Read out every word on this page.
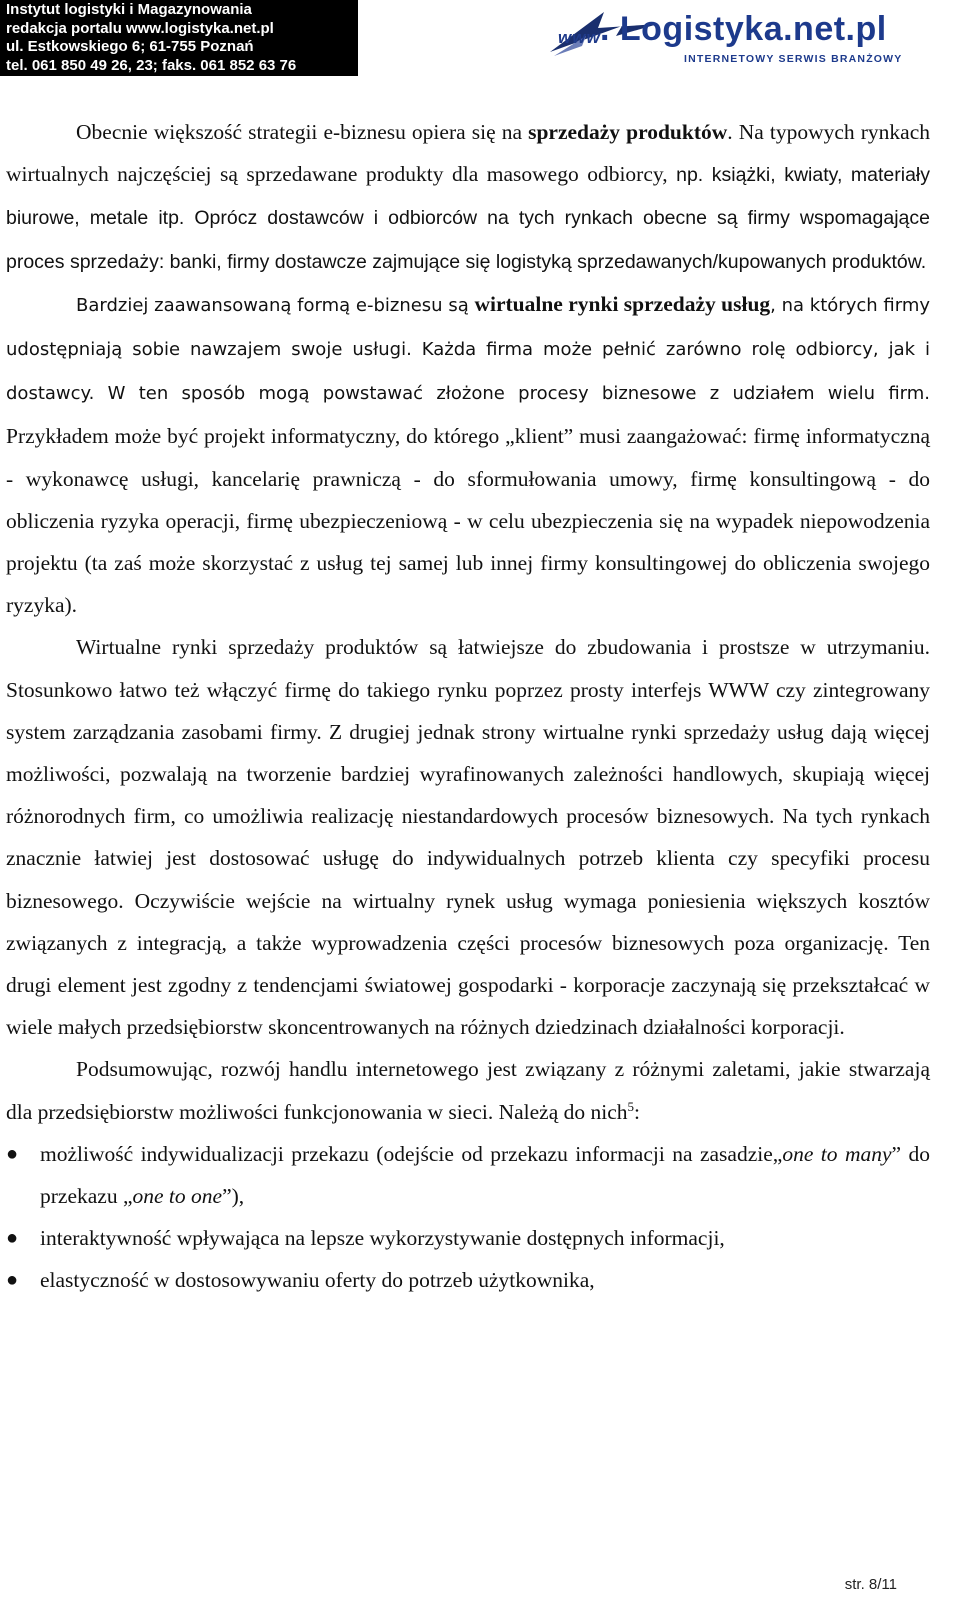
Instytut logistyki i Magazynowania
redakcja portalu www.logistyka.net.pl
ul. Estkowskiego 6; 61-755 Poznań
tel. 061 850 49 26, 23; faks. 061 852 63 76
www . Logistyka.net.pl
INTERNETOWY SERWIS BRANŻOWY

Obecnie większość strategii e-biznesu opiera się na sprzedaży produktów. Na typowych rynkach wirtualnych najczęściej są sprzedawane produkty dla masowego odbiorcy, np. książki, kwiaty, materiały biurowe, metale itp. Oprócz dostawców i odbiorców na tych rynkach obecne są firmy wspomagające proces sprzedaży: banki, firmy dostawcze zajmujące się logistyką sprzedawanych/kupowanych produktów.

Bardziej zaawansowaną formą e-biznesu są wirtualne rynki sprzedaży usług, na których firmy udostępniają sobie nawzajem swoje usługi. Każda firma może pełnić zarówno rolę odbiorcy, jak i dostawcy. W ten sposób mogą powstawać złożone procesy biznesowe z udziałem wielu firm. Przykładem może być projekt informatyczny, do którego „klient” musi zaangażować: firmę informatyczną - wykonawcę usługi, kancelarię prawniczą - do sformułowania umowy, firmę konsultingową - do obliczenia ryzyka operacji, firmę ubezpieczeniową - w celu ubezpieczenia się na wypadek niepowodzenia projektu (ta zaś może skorzystać z usług tej samej lub innej firmy konsultingowej do obliczenia swojego ryzyka).

Wirtualne rynki sprzedaży produktów są łatwiejsze do zbudowania i prostsze w utrzymaniu. Stosunkowo łatwo też włączyć firmę do takiego rynku poprzez prosty interfejs WWW czy zintegrowany system zarządzania zasobami firmy. Z drugiej jednak strony wirtualne rynki sprzedaży usług dają więcej możliwości, pozwalają na tworzenie bardziej wyrafinowanych zależności handlowych, skupiają więcej różnorodnych firm, co umożliwia realizację niestandardowych procesów biznesowych. Na tych rynkach znacznie łatwiej jest dostosować usługę do indywidualnych potrzeb klienta czy specyfiki procesu biznesowego. Oczywiście wejście na wirtualny rynek usług wymaga poniesienia większych kosztów związanych z integracją, a także wyprowadzenia części procesów biznesowych poza organizację. Ten drugi element jest zgodny z tendencjami światowej gospodarki - korporacje zaczynają się przekształcać w wiele małych przedsiębiorstw skoncentrowanych na różnych dziedzinach działalności korporacji.

Podsumowując, rozwój handlu internetowego jest związany z różnymi zaletami, jakie stwarzają dla przedsiębiorstw możliwości funkcjonowania w sieci. Należą do nich$^5$:

● możliwość indywidualizacji przekazu (odejście od przekazu informacji na zasadzie„one to many” do przekazu „one to one”),
● interaktywność wpływająca na lepsze wykorzystywanie dostępnych informacji,
● elastyczność w dostosowywaniu oferty do potrzeb użytkownika,
str. 8/11
